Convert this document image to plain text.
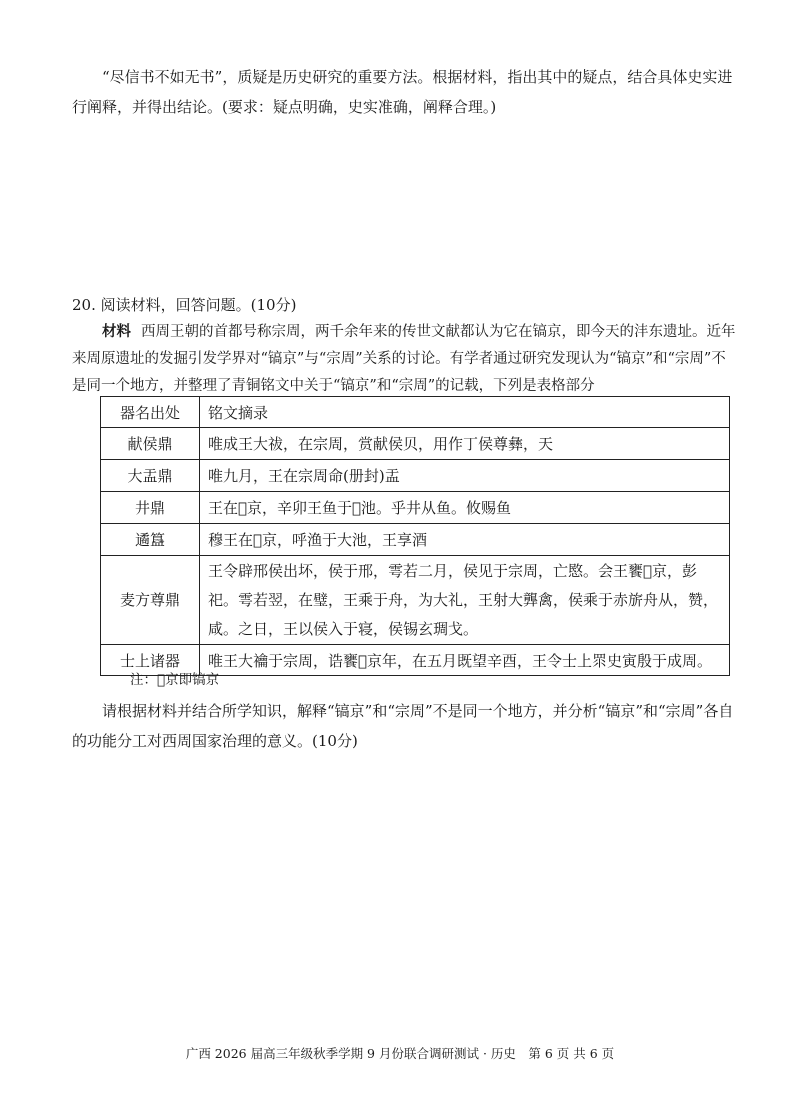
“尽信书不如无书”，质疑是历史研究的重要方法。根据材料，指出其中的疑点，结合具体史实进行阐释，并得出结论。(要求：疑点明确，史实准确，阐释合理。)

20. 阅读材料，回答问题。(10分)

材料 西周王朝的首都号称宗周，两千余年来的传世文献都认为它在镐京，即今天的沣东遗址。近年来周原遗址的发掘引发学界对“镐京”与“宗周”关系的讨论。有学者通过研究发现认为“镐京”和“宗周”不是同一个地方，并整理了青铜铭文中关于“镐京”和“宗周”的记载，下列是表格部分

器名出处	铭文摘录
献侯鼎	唯成王大祓，在宗周，赏献侯贝，用作丁侯尊彝，天
大盂鼎	唯九月，王在宗周命(册封)盂
井鼎	王在𦎫京，辛卯王鱼于𤅪池。乎井从鱼。攸赐鱼
遹簋	穆王在𦎫京，呼渔于大池，王享酒
麦方尊鼎	王令辟邢侯出坏，侯于邢，雩若二月，侯见于宗周，亡愍。会王饔𦎫京，彭祀。雩若翌，在璧，王乘于舟，为大礼，王射大龏禽，侯乘于赤旂舟从，赞，咸。之日，王以侯入于寝，侯锡玄琱戈。
士上诸器	唯王大禴于宗周，诰饔𦎫京年，在五月既望辛酉，王令士上眔史寅殷于成周。
注：𦎫京即镐京

请根据材料并结合所学知识，解释“镐京”和“宗周”不是同一个地方，并分析“镐京”和“宗周”各自的功能分工对西周国家治理的意义。(10分)

广西 2026 届高三年级秋季学期 9 月份联合调研测试 · 历史　第 6 页 共 6 页
